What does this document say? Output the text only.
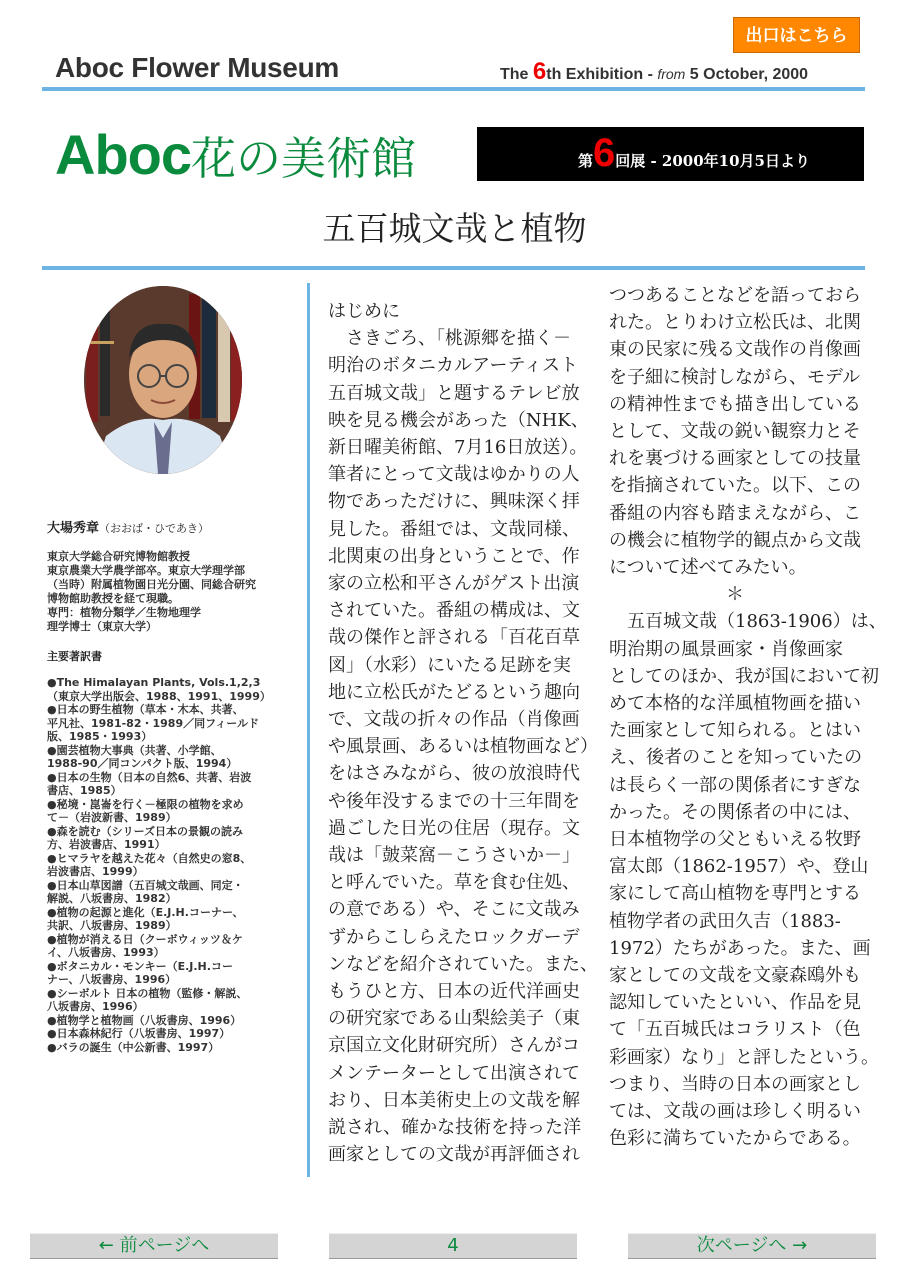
出口はこちら
Aboc Flower Museum	The 6th Exhibition - from 5 October, 2000
Aboc花の美術館	第6回展 - 2000年10月5日より
五百城文哉と植物
大場秀章（おおば・ひであき）
東京大学総合研究博物館教授
東京農業大学農学部卒。東京大学理学部
（当時）附属植物園日光分園、同総合研究
博物館助教授を経て現職。
専門：植物分類学／生物地理学
理学博士（東京大学）
主要著訳書
●The Himalayan Plants, Vols.1,2,3
（東京大学出版会、1988、1991、1999）
●日本の野生植物（草本・木本、共著、
平凡社、1981-82・1989／同フィールド
版、1985・1993）
●園芸植物大事典（共著、小学館、
1988-90／同コンパクト版、1994）
●日本の生物（日本の自然6、共著、岩波
書店、1985）
●秘境・崑崙を行く－極限の植物を求め
て－（岩波新書、1989）
●森を読む（シリーズ日本の景観の読み
方、岩波書店、1991）
●ヒマラヤを越えた花々（自然史の窓8、
岩波書店、1999）
●日本山草図譜（五百城文哉画、同定・
解説、八坂書房、1982）
●植物の起源と進化（E.J.H.コーナー、
共訳、八坂書房、1989）
●植物が消える日（クーボウィッツ＆ケ
イ、八坂書房、1993）
●ボタニカル・モンキー（E.J.H.コー
ナー、八坂書房、1996）
●シーボルト 日本の植物（監修・解説、
八坂書房、1996）
●植物学と植物画（八坂書房、1996）
●日本森林紀行（八坂書房、1997）
●バラの誕生（中公新書、1997）
はじめに
　さきごろ、「桃源郷を描く－
明治のボタニカルアーティスト
五百城文哉」と題するテレビ放
映を見る機会があった（NHK、
新日曜美術館、7月16日放送）。
筆者にとって文哉はゆかりの人
物であっただけに、興味深く拝
見した。番組では、文哉同様、
北関東の出身ということで、作
家の立松和平さんがゲスト出演
されていた。番組の構成は、文
哉の傑作と評される「百花百草
図」（水彩）にいたる足跡を実
地に立松氏がたどるという趣向
で、文哉の折々の作品（肖像画
や風景画、あるいは植物画など）
をはさみながら、彼の放浪時代
や後年没するまでの十三年間を
過ごした日光の住居（現存。文
哉は「皷菜窩－こうさいか－」
と呼んでいた。草を食む住処、
の意である）や、そこに文哉み
ずからこしらえたロックガーデ
ンなどを紹介されていた。また、
もうひと方、日本の近代洋画史
の研究家である山梨絵美子（東
京国立文化財研究所）さんがコ
メンテーターとして出演されて
おり、日本美術史上の文哉を解
説され、確かな技術を持った洋
画家としての文哉が再評価され
つつあることなどを語っておら
れた。とりわけ立松氏は、北関
東の民家に残る文哉作の肖像画
を子細に検討しながら、モデル
の精神性までも描き出している
として、文哉の鋭い観察力とそ
れを裏づける画家としての技量
を指摘されていた。以下、この
番組の内容も踏まえながら、こ
の機会に植物学的観点から文哉
について述べてみたい。
＊
　五百城文哉（1863-1906）は、
明治期の風景画家・肖像画家
としてのほか、我が国において初
めて本格的な洋風植物画を描い
た画家として知られる。とはい
え、後者のことを知っていたの
は長らく一部の関係者にすぎな
かった。その関係者の中には、
日本植物学の父ともいえる牧野
富太郎（1862-1957）や、登山
家にして高山植物を専門とする
植物学者の武田久吉（1883-
1972）たちがあった。また、画
家としての文哉を文豪森鴎外も
認知していたといい、作品を見
て「五百城氏はコラリスト（色
彩画家）なり」と評したという。
つまり、当時の日本の画家とし
ては、文哉の画は珍しく明るい
色彩に満ちていたからである。
← 前ページへ	4	次ページへ →
